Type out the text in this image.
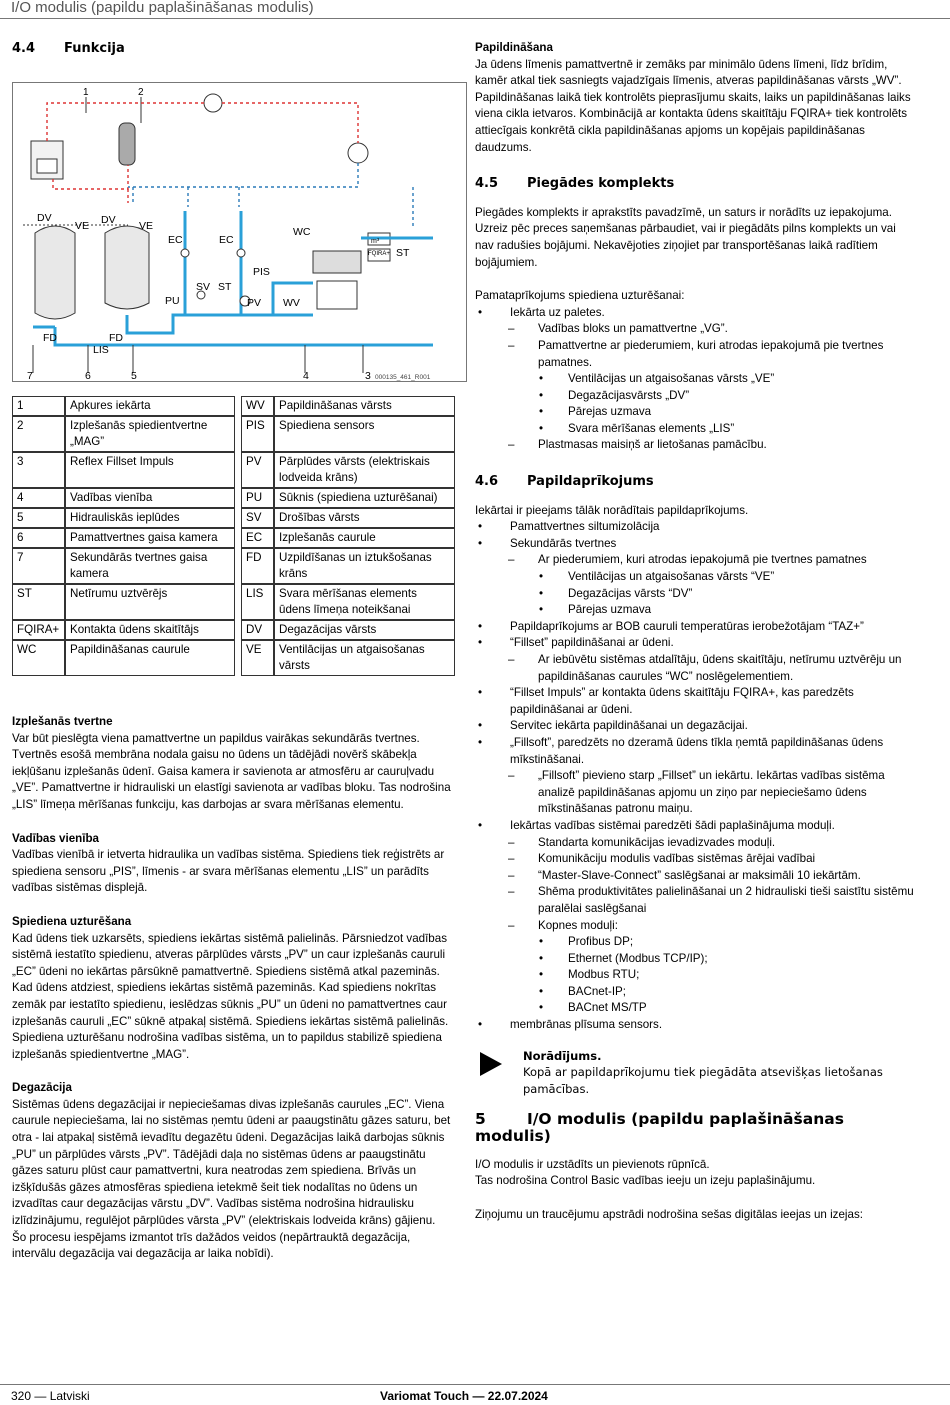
I/O modulis (papildu paplašināšanas modulis)
4.4 Funkcija
1	2
DV
VE DV VE
EC	EC
WC
ST
ST
PIS
SV
PU	PV WV
FD	FD
LIS
FQIRA+
m³
7	6	5	4	3 000135_461_R001
1	Apkures iekārta		WV	Papildināšanas vārsts
2	Izplešanās spiedientvertne „MAG”		PIS	Spiediena sensors
3	Reflex Fillset Impuls		PV	Pārplūdes vārsts (elektriskais lodveida krāns)
4	Vadības vienība		PU	Sūknis (spiediena uzturēšanai)
5	Hidrauliskās ieplūdes		SV	Drošības vārsts
6	Pamattvertnes gaisa kamera		EC	Izplešanās caurule
7	Sekundārās tvertnes gaisa kamera		FD	Uzpildīšanas un iztukšošanas krāns
ST	Netīrumu uztvērējs		LIS	Svara mērīšanas elements ūdens līmeņa noteikšanai
FQIRA+	Kontakta ūdens skaitītājs		DV	Degazācijas vārsts
WC	Papildināšanas caurule		VE	Ventilācijas un atgaisošanas vārsts

Izplešanās tvertne

Var būt pieslēgta viena pamattvertne un papildus vairākas sekundārās tvertnes. Tvertnēs esošā membrāna nodala gaisu no ūdens un tādējādi novērš skābekļa iekļūšanu izplešanās ūdenī. Gaisa kamera ir savienota ar atmosfēru ar cauruļvadu „VE”. Pamattvertne ir hidrauliski un elastīgi savienota ar vadības bloku. Tas nodrošina „LIS” līmeņa mērīšanas funkciju, kas darbojas ar svara mērīšanas elementu.

Vadības vienība

Vadības vienībā ir ietverta hidraulika un vadības sistēma. Spiediens tiek reģistrēts ar spiediena sensoru „PIS”, līmenis - ar svara mērīšanas elementu „LIS” un parādīts vadības sistēmas displejā.

Spiediena uzturēšana

Kad ūdens tiek uzkarsēts, spiediens iekārtas sistēmā palielinās. Pārsniedzot vadības sistēmā iestatīto spiedienu, atveras pārplūdes vārsts „PV” un caur izplešanās cauruli „EC” ūdeni no iekārtas pārsūknē pamattvertnē. Spiediens sistēmā atkal pazeminās. Kad ūdens atdziest, spiediens iekārtas sistēmā pazeminās. Kad spiediens nokrītas zemāk par iestatīto spiedienu, ieslēdzas sūknis „PU” un ūdeni no pamattvertnes caur izplešanās cauruli „EC” sūknē atpakaļ sistēmā. Spiediens iekārtas sistēmā palielinās. Spiediena uzturēšanu nodrošina vadības sistēma, un to papildus stabilizē spiediena izplešanās spiedientvertne „MAG”.

Degazācija

Sistēmas ūdens degazācijai ir nepieciešamas divas izplešanās caurules „EC”. Viena caurule nepieciešama, lai no sistēmas ņemtu ūdeni ar paaugstinātu gāzes saturu, bet otra - lai atpakaļ sistēmā ievadītu degazētu ūdeni. Degazācijas laikā darbojas sūknis „PU” un pārplūdes vārsts „PV”. Tādējādi daļa no sistēmas ūdens ar paaugstinātu gāzes saturu plūst caur pamattvertni, kura neatrodas zem spiediena. Brīvās un izšķīdušās gāzes atmosfēras spiediena ietekmē šeit tiek nodalītas no ūdens un izvadītas caur degazācijas vārstu „DV”. Vadības sistēma nodrošina hidraulisku izlīdzinājumu, regulējot pārplūdes vārsta „PV” (elektriskais lodveida krāns) gājienu. Šo procesu iespējams izmantot trīs dažādos veidos (nepārtrauktā degazācija, intervālu degazācija vai degazācija ar laika nobīdi).

Papildināšana

Ja ūdens līmenis pamattvertnē ir zemāks par minimālo ūdens līmeni, līdz brīdim, kamēr atkal tiek sasniegts vajadzīgais līmenis, atveras papildināšanas vārsts „WV”. Papildināšanas laikā tiek kontrolēts pieprasījumu skaits, laiks un papildināšanas laiks viena cikla ietvaros. Kombinācijā ar kontakta ūdens skaitītāju FQIRA+ tiek kontrolēts attiecīgais konkrētā cikla papildināšanas apjoms un kopējais papildināšanas daudzums.

4.5 Piegādes komplekts

Piegādes komplekts ir aprakstīts pavadzīmē, un saturs ir norādīts uz iepakojuma. Uzreiz pēc preces saņemšanas pārbaudiet, vai ir piegādāts pilns komplekts un vai nav radušies bojājumi. Nekavējoties ziņojiet par transportēšanas laikā radītiem bojājumiem.

Pamataprīkojums spiediena uzturēšanai:

• Iekārta uz paletes.
– Vadības bloks un pamattvertne „VG”.
– Pamattvertne ar piederumiem, kuri atrodas iepakojumā pie tvertnes pamatnes.
• Ventilācijas un atgaisošanas vārsts „VE”
• Degazācijasvārsts „DV”
• Pārejas uzmava
• Svara mērīšanas elements „LIS”
– Plastmasas maisiņš ar lietošanas pamācību.
4.6 Papildaprīkojums

Iekārtai ir pieejams tālāk norādītais papildaprīkojums.

• Pamattvertnes siltumizolācija
• Sekundārās tvertnes
– Ar piederumiem, kuri atrodas iepakojumā pie tvertnes pamatnes
• Ventilācijas un atgaisošanas vārsts “VE”
• Degazācijas vārsts “DV”
• Pārejas uzmava
• Papildaprīkojums ar BOB cauruli temperatūras ierobežotājam “TAZ+”
• “Fillset” papildināšanai ar ūdeni.
– Ar iebūvētu sistēmas atdalītāju, ūdens skaitītāju, netīrumu uztvērēju un papildināšanas caurules “WC” noslēgelementiem.
• “Fillset Impuls” ar kontakta ūdens skaitītāju FQIRA+, kas paredzēts papildināšanai ar ūdeni.
• Servitec iekārta papildināšanai un degazācijai.
• „Fillsoft”, paredzēts no dzeramā ūdens tīkla ņemtā papildināšanas ūdens mīkstināšanai.
– „Fillsoft” pievieno starp „Fillset” un iekārtu. Iekārtas vadības sistēma analizē papildināšanas apjomu un ziņo par nepieciešamo ūdens mīkstināšanas patronu maiņu.
• Iekārtas vadības sistēmai paredzēti šādi paplašinājuma moduļi.
– Standarta komunikācijas ievadizvades moduļi.
– Komunikāciju modulis vadības sistēmas ārējai vadībai
– “Master-Slave-Connect” saslēgšanai ar maksimāli 10 iekārtām.
– Shēma produktivitātes palielināšanai un 2 hidrauliski tieši saistītu sistēmu paralēlai saslēgšanai
– Kopnes moduļi:
• Profibus DP;
• Ethernet (Modbus TCP/IP);
• Modbus RTU;
• BACnet-IP;
• BACnet MS/TP
• membrānas plīsuma sensors.

Norādījums.

Kopā ar papildaprīkojumu tiek piegādāta atsevišķas lietošanas pamācības.

5	I/O modulis (papildu paplašināšanas modulis)

I/O modulis ir uzstādīts un pievienots rūpnīcā.

Tas nodrošina Control Basic vadības ieeju un izeju paplašinājumu.

Ziņojumu un traucējumu apstrādi nodrošina sešas digitālas ieejas un izejas:

320 — Latviski	Variomat Touch — 22.07.2024
